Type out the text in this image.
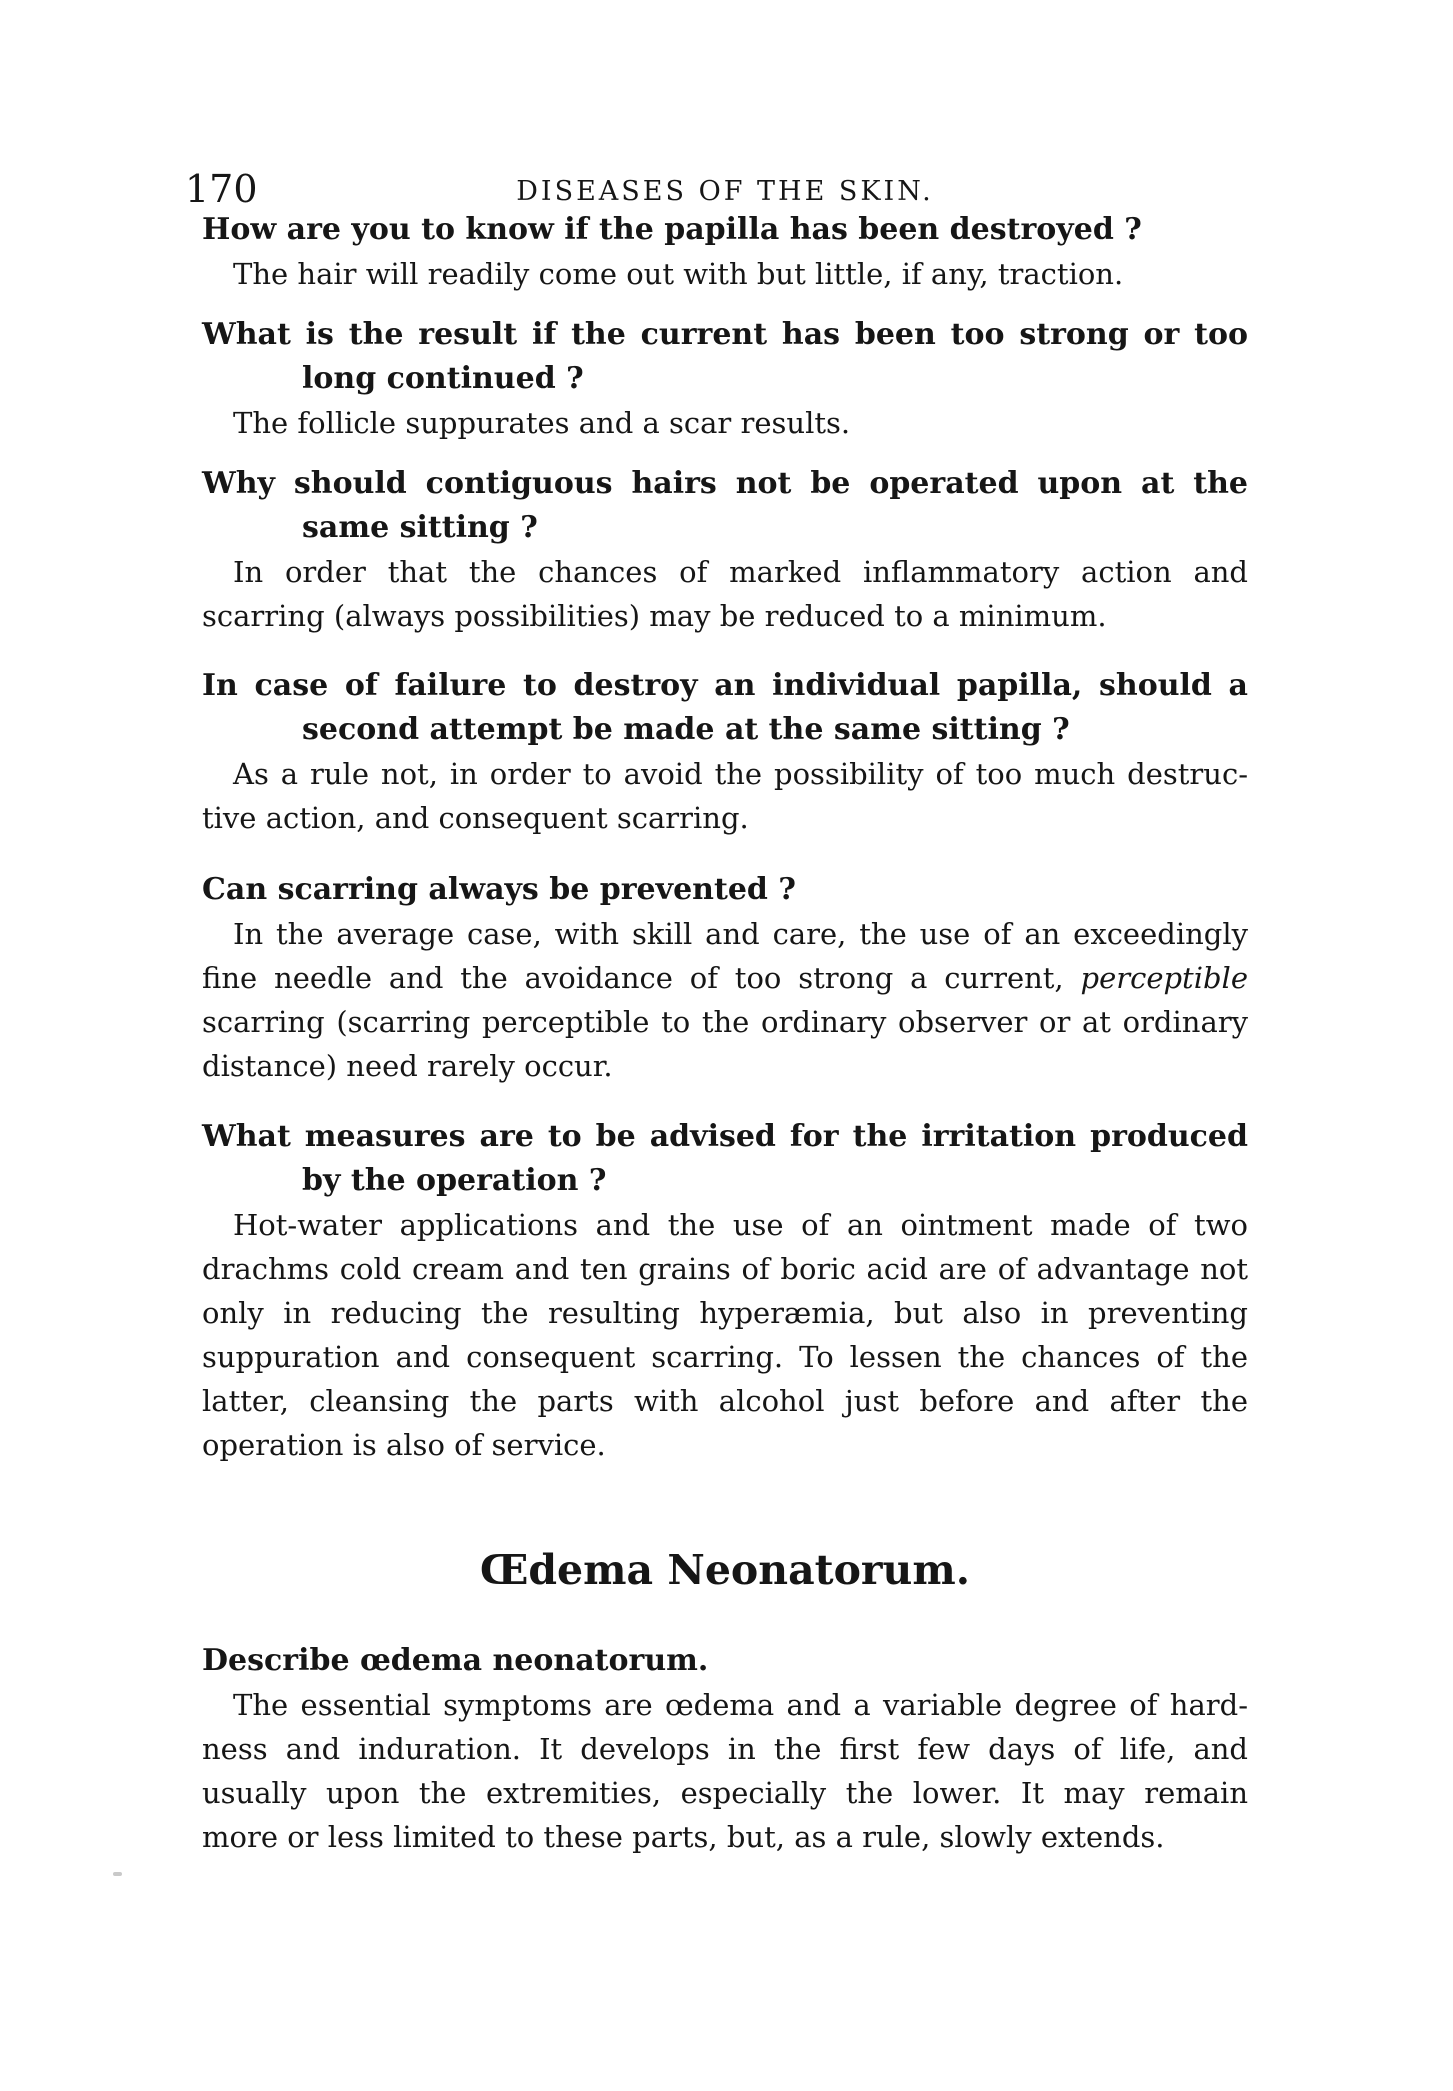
170	DISEASES OF THE SKIN.
How are you to know if the papilla has been destroyed ?
The hair will readily come out with but little, if any, traction.
What is the result if the current has been too strong or too
long continued ?
The follicle suppurates and a scar results.
Why should contiguous hairs not be operated upon at the
same sitting ?
In order that the chances of marked inflammatory action and
scarring (always possibilities) may be reduced to a minimum.
In case of failure to destroy an individual papilla, should a
second attempt be made at the same sitting ?
As a rule not, in order to avoid the possibility of too much destruc-
tive action, and consequent scarring.
Can scarring always be prevented ?
In the average case, with skill and care, the use of an exceedingly
fine needle and the avoidance of too strong a current, perceptible
scarring (scarring perceptible to the ordinary observer or at ordinary
distance) need rarely occur.
What measures are to be advised for the irritation produced
by the operation ?
Hot-water applications and the use of an ointment made of two
drachms cold cream and ten grains of boric acid are of advantage not
only in reducing the resulting hyperæmia, but also in preventing
suppuration and consequent scarring. To lessen the chances of the
latter, cleansing the parts with alcohol just before and after the
operation is also of service.
Œdema Neonatorum.
Describe œdema neonatorum.
The essential symptoms are œdema and a variable degree of hard-
ness and induration. It develops in the first few days of life, and
usually upon the extremities, especially the lower. It may remain
more or less limited to these parts, but, as a rule, slowly extends.
